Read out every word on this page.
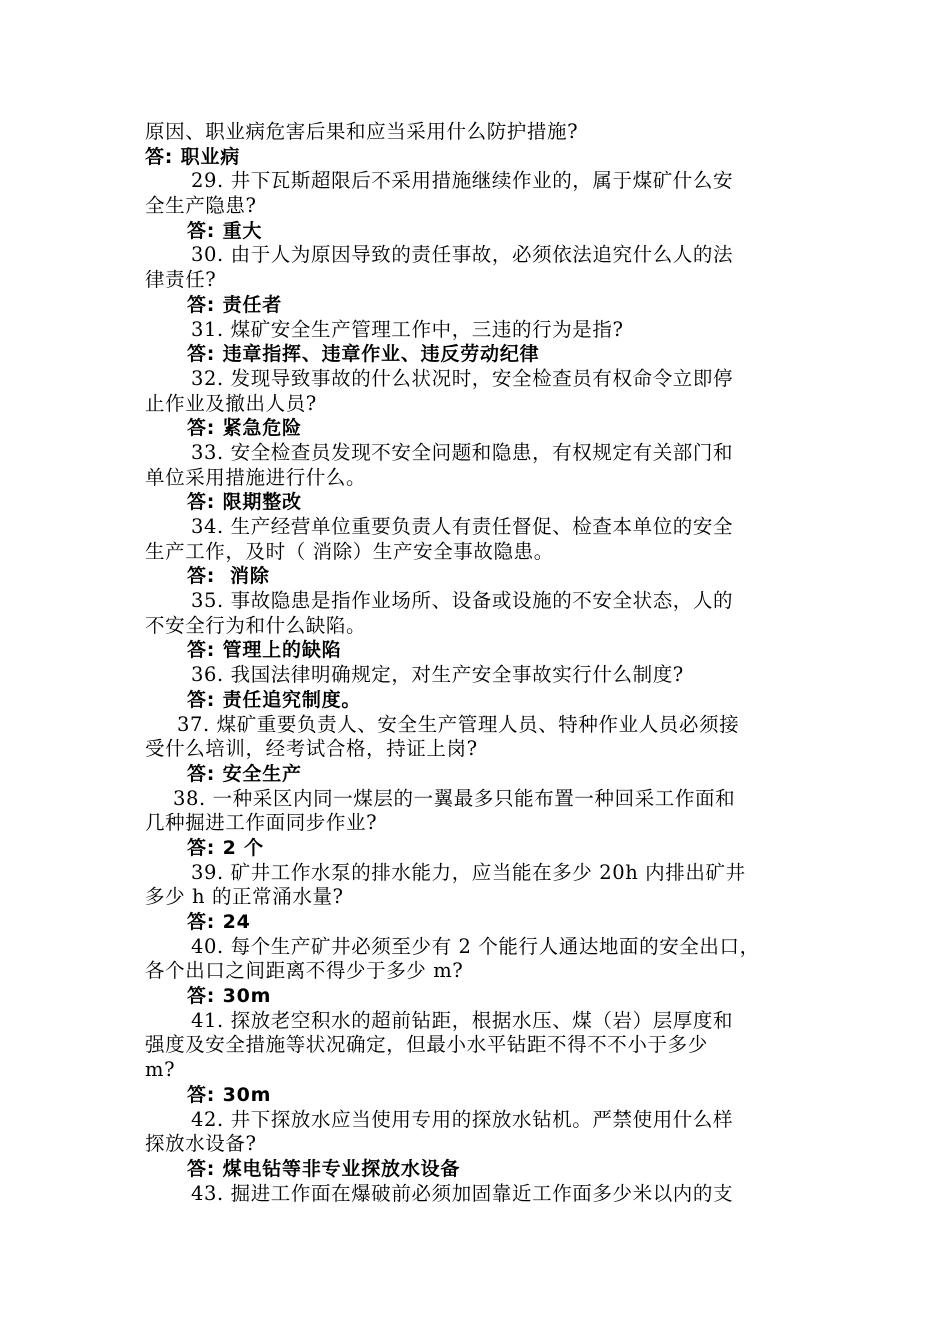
原因、职业病危害后果和应当采用什么防护措施?
答: 职业病
29. 井下瓦斯超限后不采用措施继续作业的，属于煤矿什么安
全生产隐患?
答: 重大
30. 由于人为原因导致的责任事故，必须依法追究什么人的法
律责任?
答: 责任者
31. 煤矿安全生产管理工作中，三违的行为是指?
答: 违章指挥、违章作业、违反劳动纪律
32. 发现导致事故的什么状况时，安全检查员有权命令立即停
止作业及撤出人员?
答: 紧急危险
33. 安全检查员发现不安全问题和隐患，有权规定有关部门和
单位采用措施进行什么。
答: 限期整改
34. 生产经营单位重要负责人有责任督促、检查本单位的安全
生产工作，及时（ 消除）生产安全事故隐患。
答:  消除
35. 事故隐患是指作业场所、设备或设施的不安全状态，人的
不安全行为和什么缺陷。
答: 管理上的缺陷
36. 我国法律明确规定，对生产安全事故实行什么制度?
答: 责任追究制度。
37. 煤矿重要负责人、安全生产管理人员、特种作业人员必须接
受什么培训，经考试合格，持证上岗?
答: 安全生产
38. 一种采区内同一煤层的一翼最多只能布置一种回采工作面和
几种掘进工作面同步作业?
答: 2 个
39. 矿井工作水泵的排水能力，应当能在多少 20h 内排出矿井
多少 h 的正常涌水量?
答: 24
40. 每个生产矿井必须至少有 2 个能行人通达地面的安全出口，
各个出口之间距离不得少于多少 m?
答: 30m
41. 探放老空积水的超前钻距，根据水压、煤（岩）层厚度和
强度及安全措施等状况确定，但最小水平钻距不得不不小于多少
m?
答: 30m
42. 井下探放水应当使用专用的探放水钻机。严禁使用什么样
探放水设备?
答: 煤电钻等非专业探放水设备
43. 掘进工作面在爆破前必须加固靠近工作面多少米以内的支
